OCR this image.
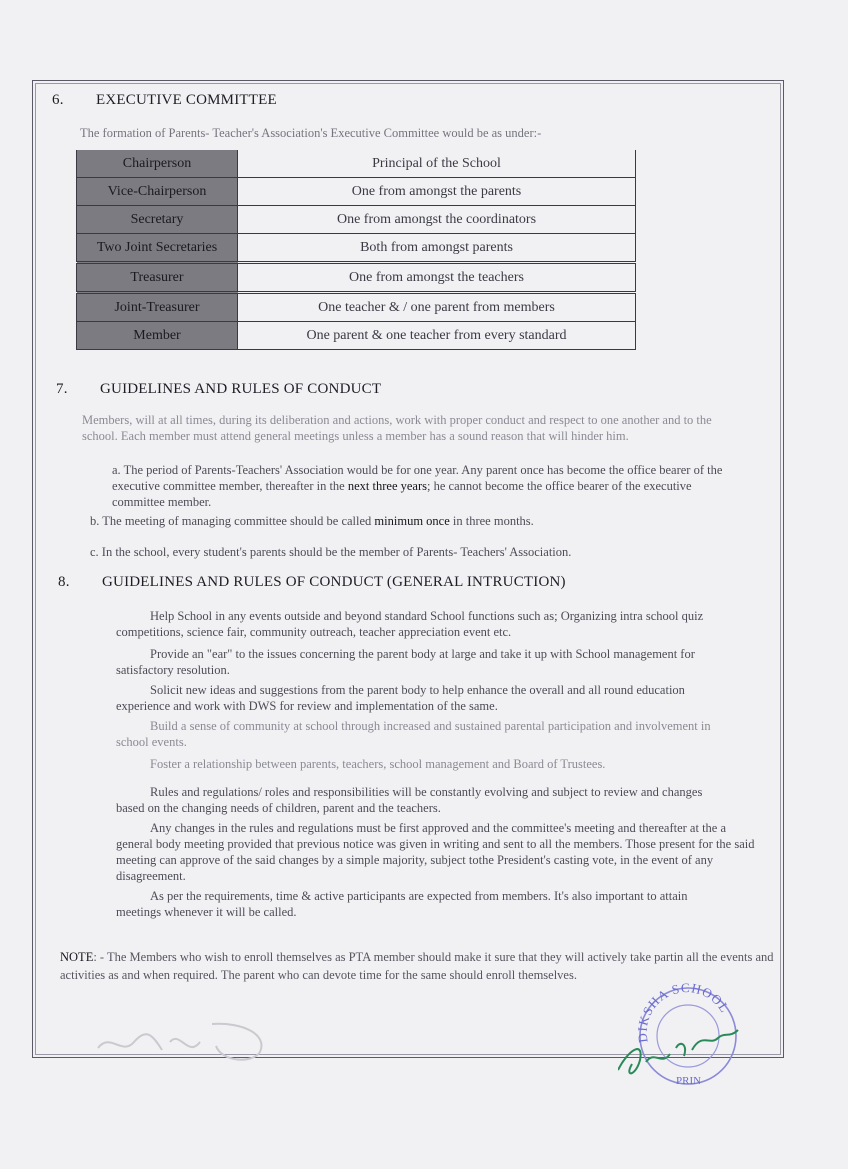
6. EXECUTIVE COMMITTEE
The formation of Parents- Teacher's Association's Executive Committee would be as under:-
Chairperson	Principal of the School
Vice-Chairperson	One from amongst the parents
Secretary	One from amongst the coordinators
Two Joint Secretaries	Both from amongst parents
Treasurer	One from amongst the teachers
Joint-Treasurer	One teacher & / one parent from members
Member	One parent & one teacher from every standard
7. GUIDELINES AND RULES OF CONDUCT
Members, will at all times, during its deliberation and actions, work with proper conduct and respect to one another and to the school. Each member must attend general meetings unless a member has a sound reason that will hinder him.
a. The period of Parents-Teachers' Association would be for one year. Any parent once has become the office bearer of the executive committee member, thereafter in the next three years; he cannot become the office bearer of the executive committee member.
b. The meeting of managing committee should be called minimum once in three months.
c. In the school, every student's parents should be the member of Parents- Teachers' Association.
8. GUIDELINES AND RULES OF CONDUCT (GENERAL INTRUCTION)
Help School in any events outside and beyond standard School functions such as; Organizing intra school quiz competitions, science fair, community outreach, teacher appreciation event etc.
Provide an "ear" to the issues concerning the parent body at large and take it up with School management for satisfactory resolution.
Solicit new ideas and suggestions from the parent body to help enhance the overall and all round education experience and work with DWS for review and implementation of the same.
Build a sense of community at school through increased and sustained parental participation and involvement in school events.
Foster a relationship between parents, teachers, school management and Board of Trustees.
Rules and regulations/ roles and responsibilities will be constantly evolving and subject to review and changes based on the changing needs of children, parent and the teachers.
Any changes in the rules and regulations must be first approved and the committee's meeting and thereafter at the a general body meeting provided that previous notice was given in writing and sent to all the members. Those present for the said meeting can approve of the said changes by a simple majority, subject tothe President's casting vote, in the event of any disagreement.
As per the requirements, time & active participants are expected from members. It's also important to attain meetings whenever it will be called.
NOTE: - The Members who wish to enroll themselves as PTA member should make it sure that they will actively take partin all the events and activities as and when required. The parent who can devote time for the same should enroll themselves.
DIKSHA SCHOOL
PRIN
